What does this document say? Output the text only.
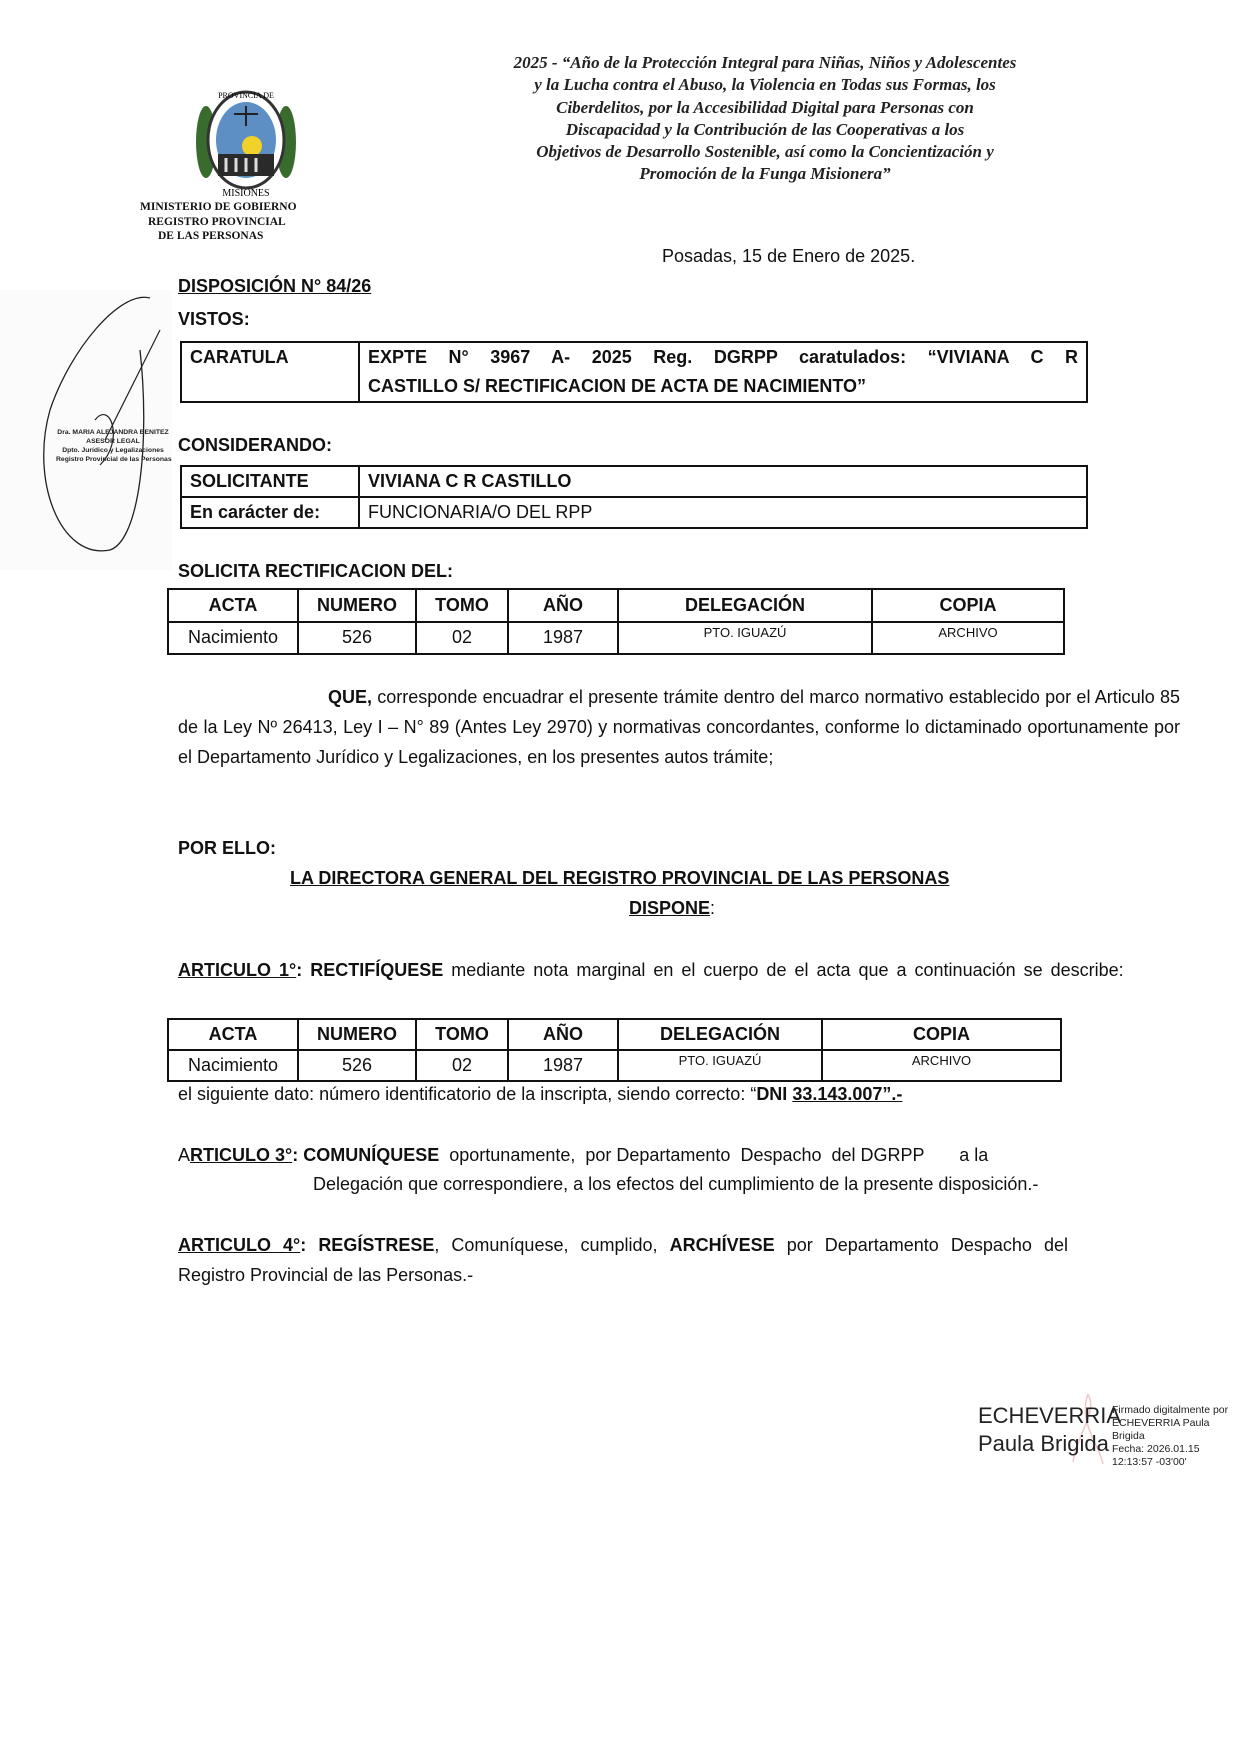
2025 - “Año de la Protección Integral para Niñas, Niños y Adolescentes
y la Lucha contra el Abuso, la Violencia en Todas sus Formas, los
Ciberdelitos, por la Accesibilidad Digital para Personas con
Discapacidad y la Contribución de las Cooperativas a los
Objetivos de Desarrollo Sostenible, así como la Concientización y
Promoción de la Funga Misionera”
PROVINCIA DE
MISIONES
MINISTERIO DE GOBIERNO
REGISTRO PROVINCIAL
DE LAS PERSONAS
Posadas, 15 de Enero de 2025.
DISPOSICIÓN N° 84/26
VISTOS:
CARATULA	EXPTE N° 3967 A- 2025 Reg. DGRPP caratulados: “VIVIANA C R
CASTILLO S/ RECTIFICACION DE ACTA DE NACIMIENTO”
CONSIDERANDO:
SOLICITANTE	VIVIANA C R CASTILLO
En carácter de:	FUNCIONARIA/O DEL RPP
SOLICITA RECTIFICACION DEL:
ACTA	NUMERO	TOMO	AÑO	DELEGACIÓN	COPIA
Nacimiento	526	02	1987	PTO. IGUAZÚ	ARCHIVO
Dra. MARIA ALEJANDRA BENITEZ
ASESOR LEGAL
Dpto. Jurídico y Legalizaciones
Registro Provincial de las Personas
QUE, corresponde encuadrar el presente trámite dentro del marco normativo establecido por el Articulo 85 de la Ley Nº 26413, Ley I – N° 89 (Antes Ley 2970) y normativas concordantes, conforme lo dictaminado oportunamente por el Departamento Jurídico y Legalizaciones, en los presentes autos trámite;
POR ELLO:
LA DIRECTORA GENERAL DEL REGISTRO PROVINCIAL DE LAS PERSONAS
DISPONE:
ARTICULO 1°: RECTIFÍQUESE mediante nota marginal en el cuerpo de el acta que a continuación se describe:
ACTA	NUMERO	TOMO	AÑO	DELEGACIÓN	COPIA
Nacimiento	526	02	1987	PTO. IGUAZÚ	ARCHIVO
el siguiente dato: número identificatorio de la inscripta, siendo correcto: “DNI 33.143.007”.-
ARTICULO 3°: COMUNÍQUESE oportunamente,  por Departamento  Despacho  del DGRPP       a la
Delegación que correspondiere, a los efectos del cumplimiento de la presente disposición.-
ARTICULO 4°: REGÍSTRESE, Comuníquese, cumplido, ARCHÍVESE por Departamento Despacho del Registro Provincial de las Personas.-
ECHEVERRIA
Paula Brigida
Firmado digitalmente por
ECHEVERRIA Paula Brigida
Fecha: 2026.01.15
12:13:57 -03'00'
